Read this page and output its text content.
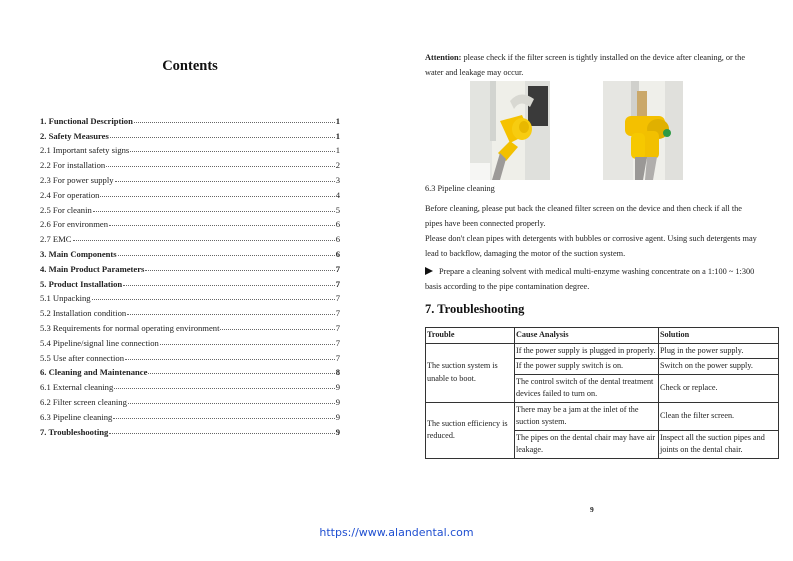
Contents
1. Functional Description	1
2. Safety Measures	1
2.1 Important safety signs	1
2.2 For installation	2
2.3 For power supply	3
2.4 For operation	4
2.5 For cleanin	5
2.6 For environmen	6
2.7 EMC	6
3. Main Components	6
4. Main Product Parameters	7
5. Product Installation	7
5.1 Unpacking	7
5.2 Installation condition	7
5.3 Requirements for normal operating environment	7
5.4 Pipeline/signal line connection	7
5.5 Use after connection	7
6. Cleaning and Maintenance	8
6.1 External cleaning	9
6.2 Filter screen cleaning	9
6.3 Pipeline cleaning	9
7. Troubleshooting	9
Attention: please check if the filter screen is tightly installed on the device after cleaning, or the water and leakage may occur.
6.3 Pipeline cleaning
Before cleaning, please put back the cleaned filter screen on the device and then check if all the pipes have been connected properly.
Please don't clean pipes with detergents with bubbles or corrosive agent. Using such detergents may lead to backflow, damaging the motor of the suction system.
Prepare a cleaning solvent with medical multi-enzyme washing concentrate on a 1:100 ~ 1:300 basis according to the pipe contamination degree.
7. Troubleshooting
Trouble	Cause Analysis	Solution
The suction system is unable to boot.	If the power supply is plugged in properly.	Plug in the power supply.
	If the power supply switch is on.	Switch on the power supply.
	The control switch of the dental treatment devices failed to turn on.	Check or replace.
The suction efficiency is reduced.	There may be a jam at the inlet of the suction system.	Clean the filter screen.
	The pipes on the dental chair may have air leakage.	Inspect all the suction pipes and joints on the dental chair.
9
https://www.alandental.com
